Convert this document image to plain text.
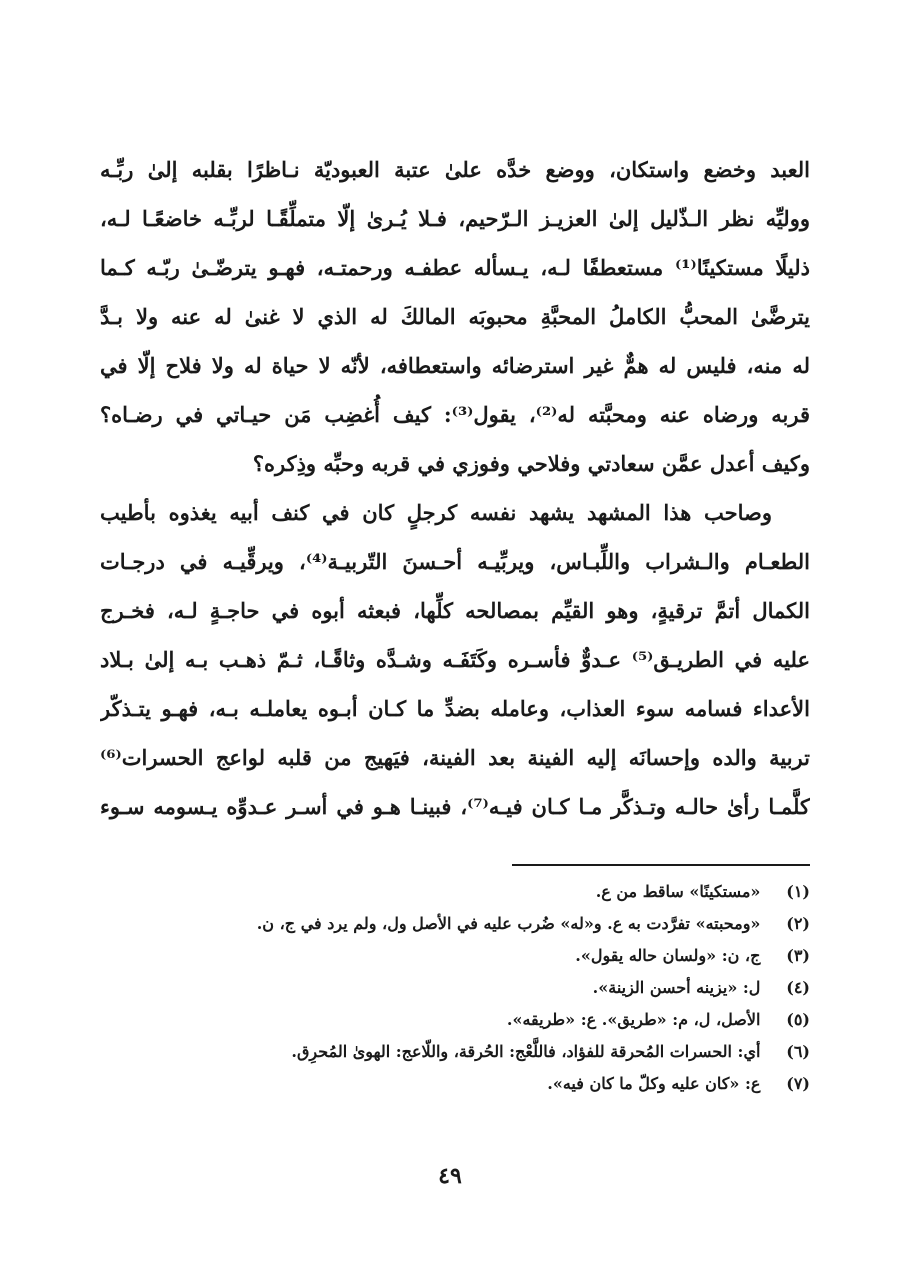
العبد وخضع واستكان، ووضع خدَّه علىٰ عتبة العبوديّة نـاظرًا بقلبه إلىٰ ربِّـه
ووليِّه نظر الـذّليل إلىٰ العزيـز الـرّحيم، فـلا يُـرىٰ إلّا متملِّقًـا لربِّـه خاضعًـا لـه،
ذليلًا مستكينًا⁽¹⁾ مستعطفًا لـه، يـسأله عطفـه ورحمتـه، فهـو يترضّـىٰ ربّـه كـما
يترضَّىٰ المحبُّ الكاملُ المحبَّةِ محبوبَه المالكَ له الذي لا غنىٰ له عنه ولا بـدَّ
له منه، فليس له همٌّ غير استرضائه واستعطافه، لأنّه لا حياة له ولا فلاح إلّا في
قربه ورضاه عنه ومحبَّته له⁽²⁾، يقول⁽³⁾: كيف أُغضِب مَن حيـاتي في رضـاه؟
وكيف أعدل عمَّن سعادتي وفلاحي وفوزي في قربه وحبِّه وذِكره؟
وصاحب هذا المشهد يشهد نفسه كرجلٍ كان في كنف أبيه يغذوه بأطيب
الطعـام والـشراب واللِّبـاس، ويربِّيـه أحـسنَ التّربيـة⁽⁴⁾، ويرقِّيـه في درجـات
الكمال أتمَّ ترقيةٍ، وهو القيِّم بمصالحه كلِّها، فبعثه أبوه في حاجـةٍ لـه، فخـرج
عليه في الطريـق⁽⁵⁾ عـدوٌّ فأسـره وكَتَفَـه وشـدَّه وثاقًـا، ثـمّ ذهـب بـه إلىٰ بـلاد
الأعداء فسامه سوء العذاب، وعامله بضدِّ ما كـان أبـوه يعاملـه بـه، فهـو يتـذكّر
تربية والده وإحسانَه إليه الفينة بعد الفينة، فيَهيج من قلبه لواعج الحسرات⁽⁶⁾
كلَّمـا رأىٰ حالـه وتـذكَّر مـا كـان فيـه⁽⁷⁾، فبينـا هـو في أسـر عـدوِّه يـسومه سـوء
(١) «مستكينًا» ساقط من ع.
(٢) «ومحبته» تفرَّدت به ع. و«له» ضُرب عليه في الأصل ول، ولم يرد في ج، ن.
(٣) ج، ن: «ولسان حاله يقول».
(٤) ل: «يزينه أحسن الزينة».
(٥) الأصل، ل، م: «طريق». ع: «طريقه».
(٦) أي: الحسرات المُحرقة للفؤاد، فاللَّعْج: الحُرقة، واللّاعج: الهوىٰ المُحرِق.
(٧) ع: «كان عليه وكلّ ما كان فيه».
٤٩
